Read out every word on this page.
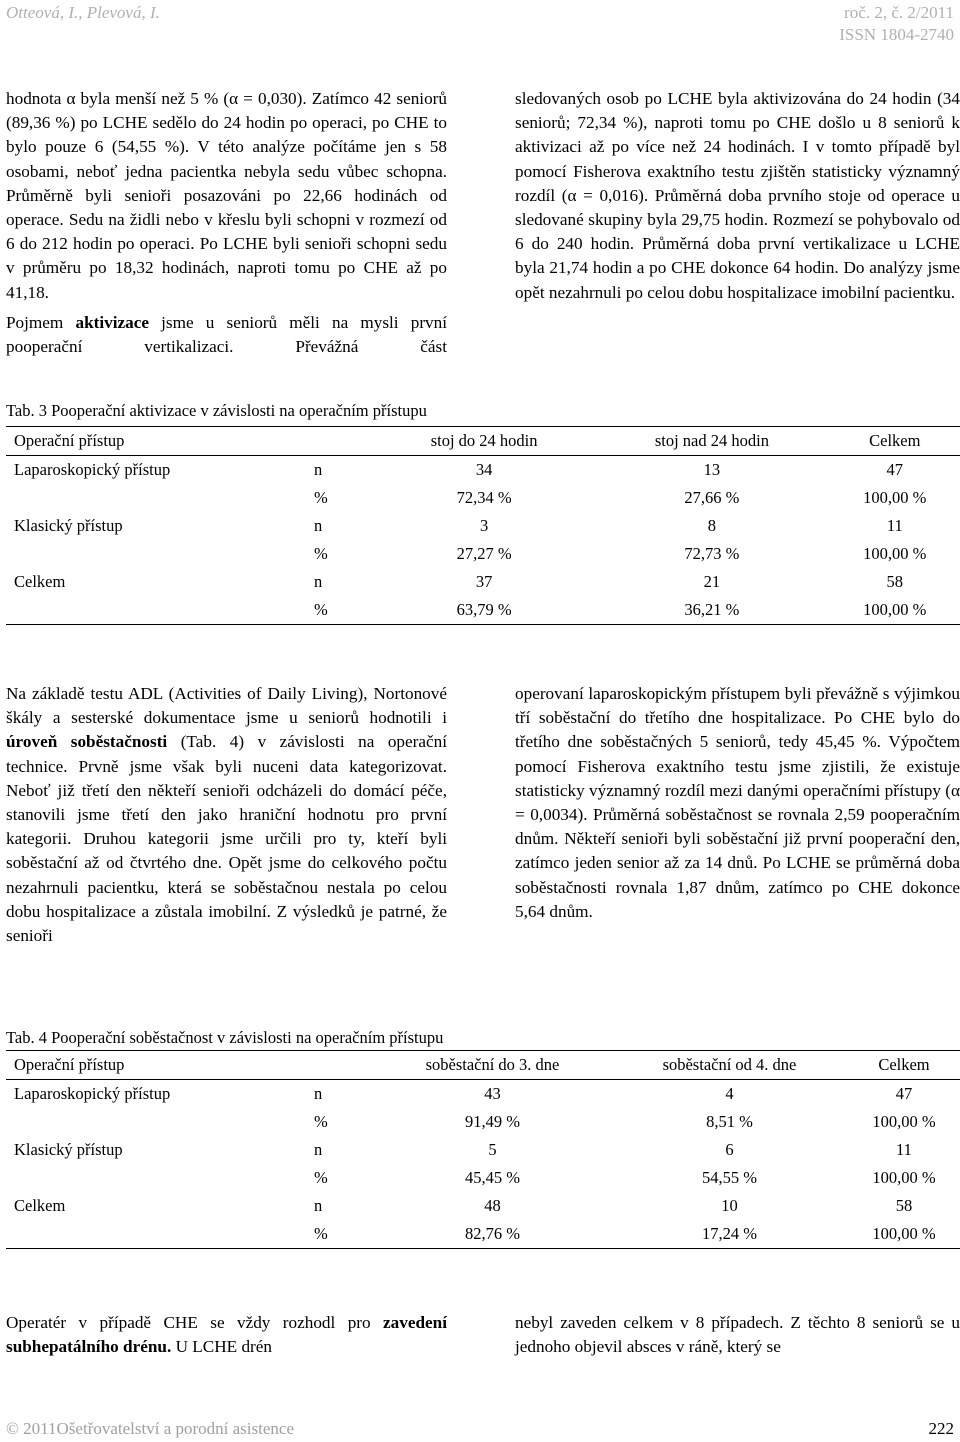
Otteová, I., Plevová, I.	roč. 2, č. 2/2011
ISSN 1804-2740

hodnota α byla menší než 5 % (α = 0,030). Zatímco 42 seniorů (89,36 %) po LCHE sedělo do 24 hodin po operaci, po CHE to bylo pouze 6 (54,55 %). V této analýze počítáme jen s 58 osobami, neboť jedna pacientka nebyla sedu vůbec schopna. Průměrně byli senioři posazováni po 22,66 hodinách od operace. Sedu na židli nebo v křeslu byli schopni v rozmezí od 6 do 212 hodin po operaci. Po LCHE byli senioři schopni sedu v průměru po 18,32 hodinách, naproti tomu po CHE až po 41,18.

Pojmem aktivizace jsme u seniorů měli na mysli první pooperační vertikalizaci. Převážná část

sledovaných osob po LCHE byla aktivizována do 24 hodin (34 seniorů; 72,34 %), naproti tomu po CHE došlo u 8 seniorů k aktivizaci až po více než 24 hodinách. I v tomto případě byl pomocí Fisherova exaktního testu zjištěn statisticky významný rozdíl (α = 0,016). Průměrná doba prvního stoje od operace u sledované skupiny byla 29,75 hodin. Rozmezí se pohybovalo od 6 do 240 hodin. Průměrná doba první vertikalizace u LCHE byla 21,74 hodin a po CHE dokonce 64 hodin. Do analýzy jsme opět nezahrnuli po celou dobu hospitalizace imobilní pacientku.

Tab. 3 Pooperační aktivizace v závislosti na operačním přístupu
Operační přístup		stoj do 24 hodin	stoj nad 24 hodin	Celkem
Laparoskopický přístup	n	34	13	47
	%	72,34 %	27,66 %	100,00 %
Klasický přístup	n	3	8	11
	%	27,27 %	72,73 %	100,00 %
Celkem	n	37	21	58
	%	63,79 %	36,21 %	100,00 %

Na základě testu ADL (Activities of Daily Living), Nortonové škály a sesterské dokumentace jsme u seniorů hodnotili i úroveň soběstačnosti (Tab. 4) v závislosti na operační technice. Prvně jsme však byli nuceni data kategorizovat. Neboť již třetí den někteří senioři odcházeli do domácí péče, stanovili jsme třetí den jako hraniční hodnotu pro první kategorii. Druhou kategorii jsme určili pro ty, kteří byli soběstační až od čtvrtého dne. Opět jsme do celkového počtu nezahrnuli pacientku, která se soběstačnou nestala po celou dobu hospitalizace a zůstala imobilní. Z výsledků je patrné, že senioři

operovaní laparoskopickým přístupem byli převážně s výjimkou tří soběstační do třetího dne hospitalizace. Po CHE bylo do třetího dne soběstačných 5 seniorů, tedy 45,45 %. Výpočtem pomocí Fisherova exaktního testu jsme zjistili, že existuje statisticky významný rozdíl mezi danými operačními přístupy (α = 0,0034). Průměrná soběstačnost se rovnala 2,59 pooperačním dnům. Někteří senioři byli soběstační již první pooperační den, zatímco jeden senior až za 14 dnů. Po LCHE se průměrná doba soběstačnosti rovnala 1,87 dnům, zatímco po CHE dokonce 5,64 dnům.

Tab. 4 Pooperační soběstačnost v závislosti na operačním přístupu
Operační přístup		soběstační do 3. dne	soběstační od 4. dne	Celkem
Laparoskopický přístup	n	43	4	47
	%	91,49 %	8,51 %	100,00 %
Klasický přístup	n	5	6	11
	%	45,45 %	54,55 %	100,00 %
Celkem	n	48	10	58
	%	82,76 %	17,24 %	100,00 %

Operatér v případě CHE se vždy rozhodl pro zavedení subhepatálního drénu. U LCHE drén

nebyl zaveden celkem v 8 případech. Z těchto 8 seniorů se u jednoho objevil absces v ráně, který se

© 2011Ošetřovatelství a porodní asistence	222
